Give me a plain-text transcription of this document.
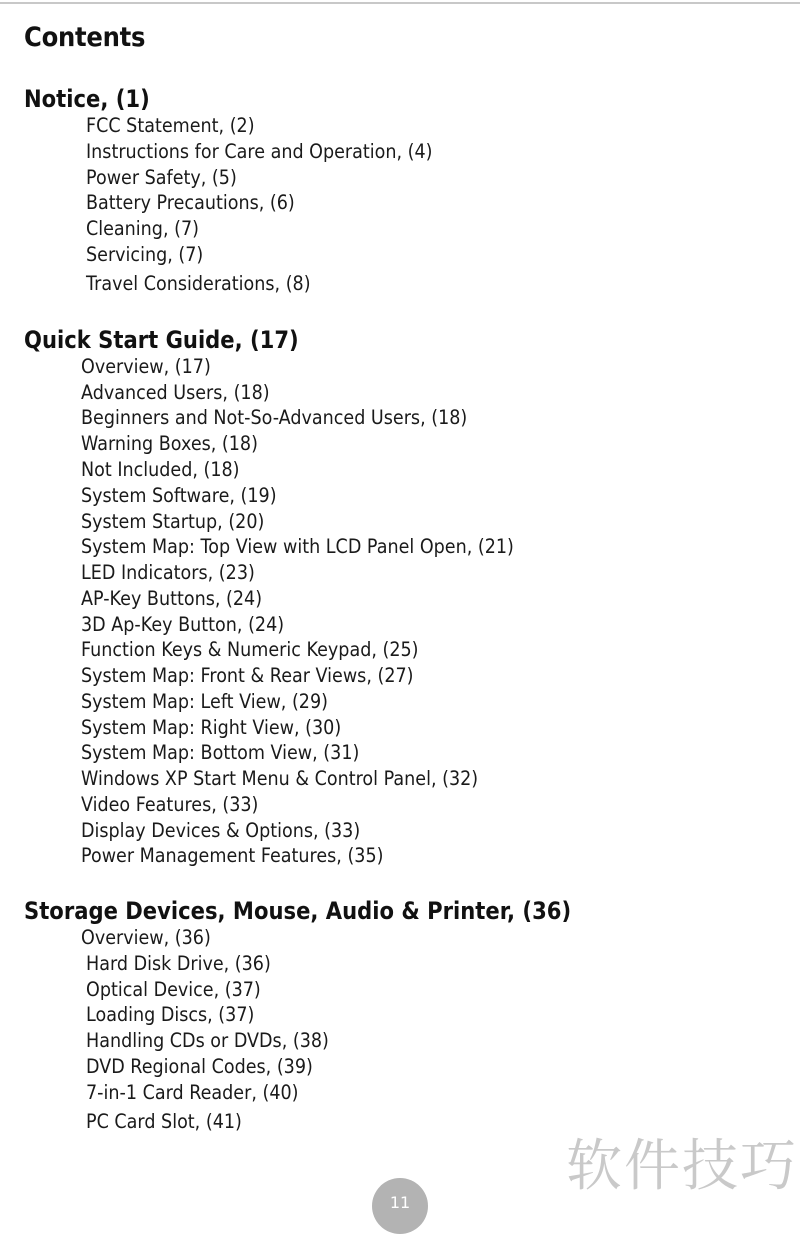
Contents
Notice, (1)
FCC Statement, (2)
Instructions for Care and Operation, (4)
Power Safety, (5)
Battery Precautions, (6)
Cleaning, (7)
Servicing, (7)
Travel Considerations, (8)
Quick Start Guide, (17)
Overview, (17)
Advanced Users, (18)
Beginners and Not-So-Advanced Users, (18)
Warning Boxes, (18)
Not Included, (18)
System Software, (19)
System Startup, (20)
System Map: Top View with LCD Panel Open, (21)
LED Indicators, (23)
AP-Key Buttons, (24)
3D Ap-Key Button, (24)
Function Keys & Numeric Keypad, (25)
System Map: Front & Rear Views, (27)
System Map: Left View, (29)
System Map: Right View, (30)
System Map: Bottom View, (31)
Windows XP Start Menu & Control Panel, (32)
Video Features, (33)
Display Devices & Options, (33)
Power Management Features, (35)
Storage Devices, Mouse, Audio & Printer, (36)
Overview, (36)
Hard Disk Drive, (36)
Optical Device, (37)
Loading Discs, (37)
Handling CDs or DVDs, (38)
DVD Regional Codes, (39)
7-in-1 Card Reader, (40)
PC Card Slot, (41)
软件技巧
11
